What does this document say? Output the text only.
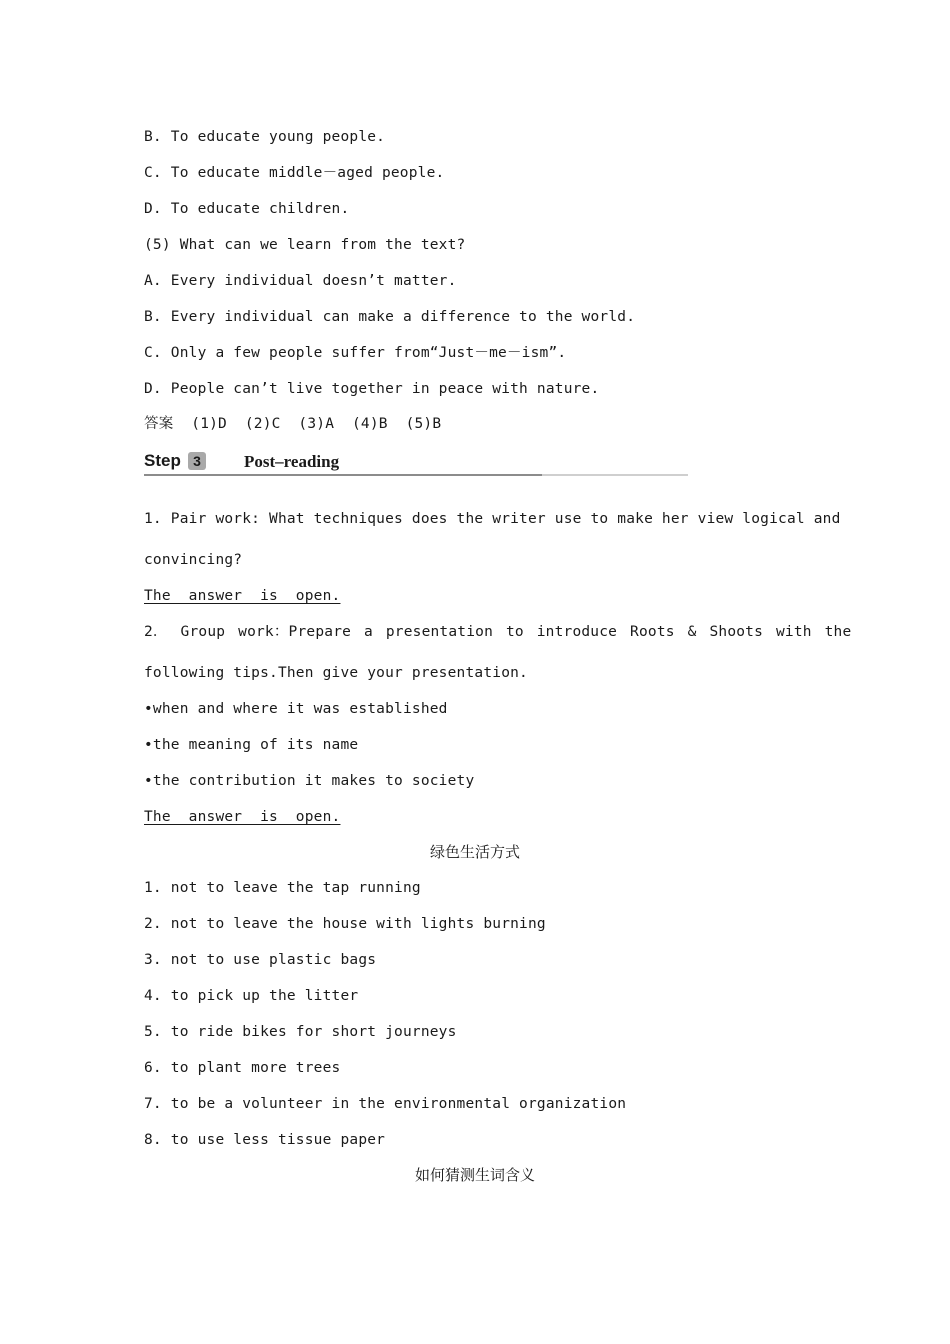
B. To educate young people.
C. To educate middle－aged people.
D. To educate children.
(5) What can we learn from the text?
A. Every individual doesn’t matter.
B. Every individual can make a difference to the world.
C. Only a few people suffer from“Just－me－ism”.
D. People can’t live together in peace with nature.
答案  (1)D  (2)C  (3)A  (4)B  (5)B
Step 3	Post–reading
1. Pair work: What techniques does the writer use to make her view logical and
convincing?
The  answer  is  open.
2． Group work：Prepare a presentation to introduce Roots & Shoots with the
following tips.Then give your presentation.
•when and where it was established
•the meaning of its name
•the contribution it makes to society
The  answer  is  open.
绿色生活方式
1. not to leave the tap running
2. not to leave the house with lights burning
3. not to use plastic bags
4. to pick up the litter
5. to ride bikes for short journeys
6. to plant more trees
7. to be a volunteer in the environmental organization
8. to use less tissue paper
如何猜测生词含义
